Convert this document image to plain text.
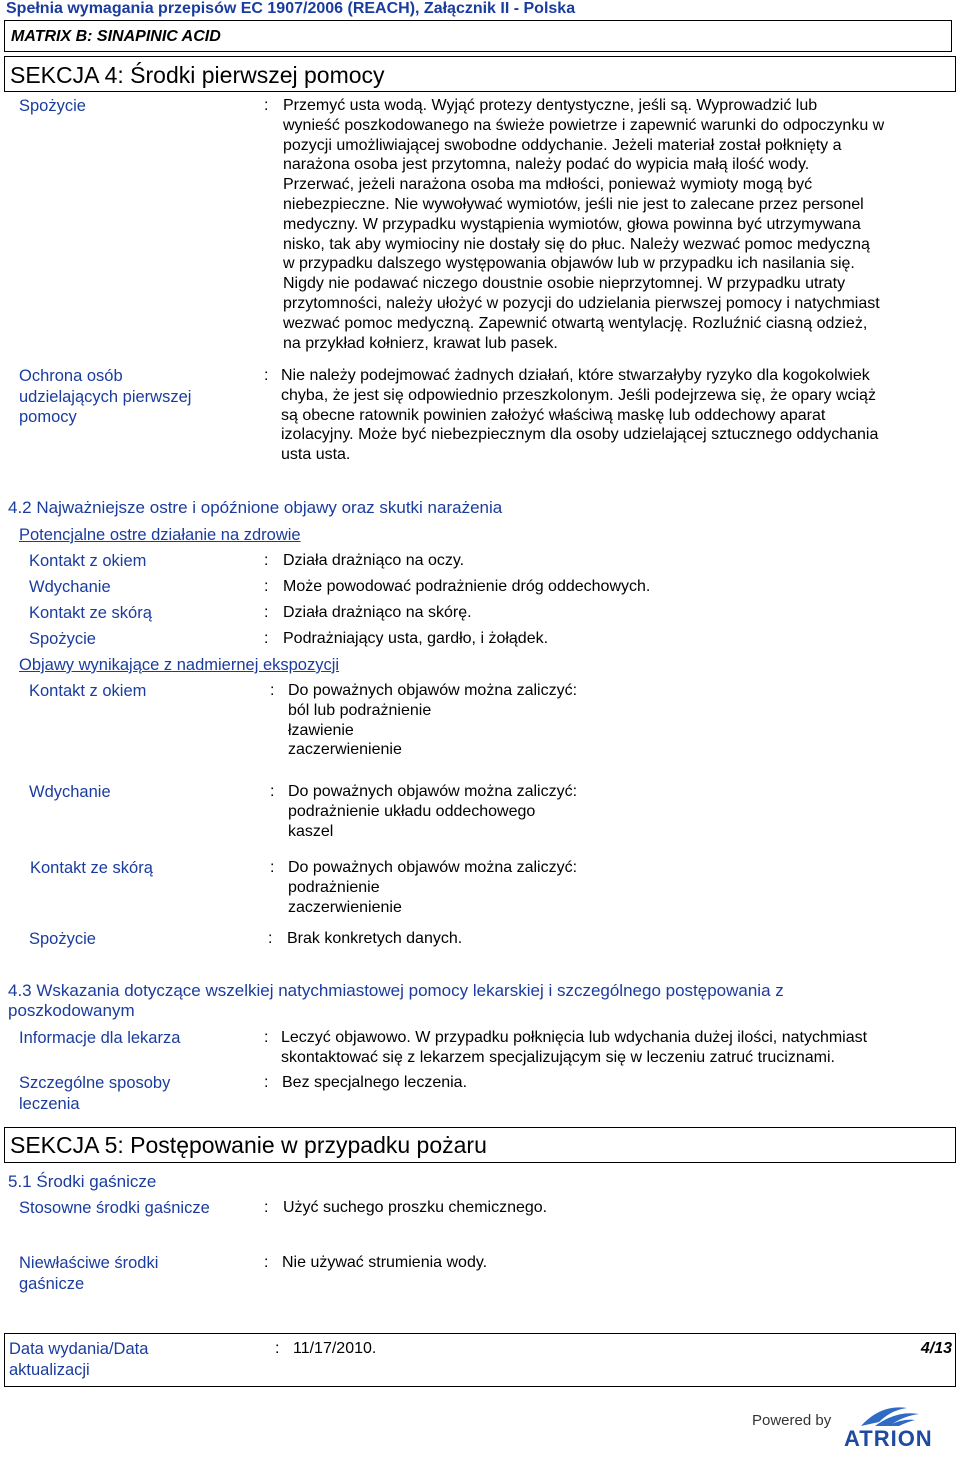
Spełnia wymagania przepisów EC 1907/2006 (REACH), Załącznik II - Polska
MATRIX B: SINAPINIC ACID
SEKCJA 4: Środki pierwszej pomocy
Spożycie	: Przemyć usta wodą. Wyjąć protezy dentystyczne, jeśli są. Wyprowadzić lub
wynieść poszkodowanego na świeże powietrze i zapewnić warunki do odpoczynku w
pozycji umożliwiającej swobodne oddychanie. Jeżeli materiał został połknięty a
narażona osoba jest przytomna, należy podać do wypicia małą ilość wody.
Przerwać, jeżeli narażona osoba ma mdłości, ponieważ wymioty mogą być
niebezpieczne. Nie wywoływać wymiotów, jeśli nie jest to zalecane przez personel
medyczny. W przypadku wystąpienia wymiotów, głowa powinna być utrzymywana
nisko, tak aby wymiociny nie dostały się do płuc. Należy wezwać pomoc medyczną
w przypadku dalszego występowania objawów lub w przypadku ich nasilania się.
Nigdy nie podawać niczego doustnie osobie nieprzytomnej. W przypadku utraty
przytomności, należy ułożyć w pozycji do udzielania pierwszej pomocy i natychmiast
wezwać pomoc medyczną. Zapewnić otwartą wentylację. Rozluźnić ciasną odzież,
na przykład kołnierz, krawat lub pasek.
Ochrona osób
udzielających pierwszej
pomocy
: Nie należy podejmować żadnych działań, które stwarzałyby ryzyko dla kogokolwiek
chyba, że jest się odpowiednio przeszkolonym. Jeśli podejrzewa się, że opary wciąż
są obecne ratownik powinien założyć właściwą maskę lub oddechowy aparat
izolacyjny. Może być niebezpiecznym dla osoby udzielającej sztucznego oddychania
usta usta.
4.2 Najważniejsze ostre i opóźnione objawy oraz skutki narażenia
Potencjalne ostre działanie na zdrowie
Kontakt z okiem	: Działa drażniąco na oczy.
Wdychanie	: Może powodować podrażnienie dróg oddechowych.
Kontakt ze skórą	: Działa drażniąco na skórę.
Spożycie	: Podrażniający usta, gardło, i żołądek.
Objawy wynikające z nadmiernej ekspozycji
Kontakt z okiem	: Do poważnych objawów można zaliczyć:
ból lub podrażnienie
łzawienie
zaczerwienienie
Wdychanie	: Do poważnych objawów można zaliczyć:
podrażnienie układu oddechowego
kaszel
Kontakt ze skórą	: Do poważnych objawów można zaliczyć:
podrażnienie
zaczerwienienie
Spożycie	: Brak konkretych danych.
4.3 Wskazania dotyczące wszelkiej natychmiastowej pomocy lekarskiej i szczególnego postępowania z
poszkodowanym
Informacje dla lekarza	: Leczyć objawowo. W przypadku połknięcia lub wdychania dużej ilości, natychmiast
skontaktować się z lekarzem specjalizującym się w leczeniu zatruć truciznami.
Szczególne sposoby
leczenia
: Bez specjalnego leczenia.
SEKCJA 5: Postępowanie w przypadku pożaru
5.1 Środki gaśnicze
Stosowne środki gaśnicze	: Użyć suchego proszku chemicznego.
Niewłaściwe środki
gaśnicze
: Nie używać strumienia wody.
Data wydania/Data
aktualizacji
: 11/17/2010.	4/13
Powered by
ATRION
